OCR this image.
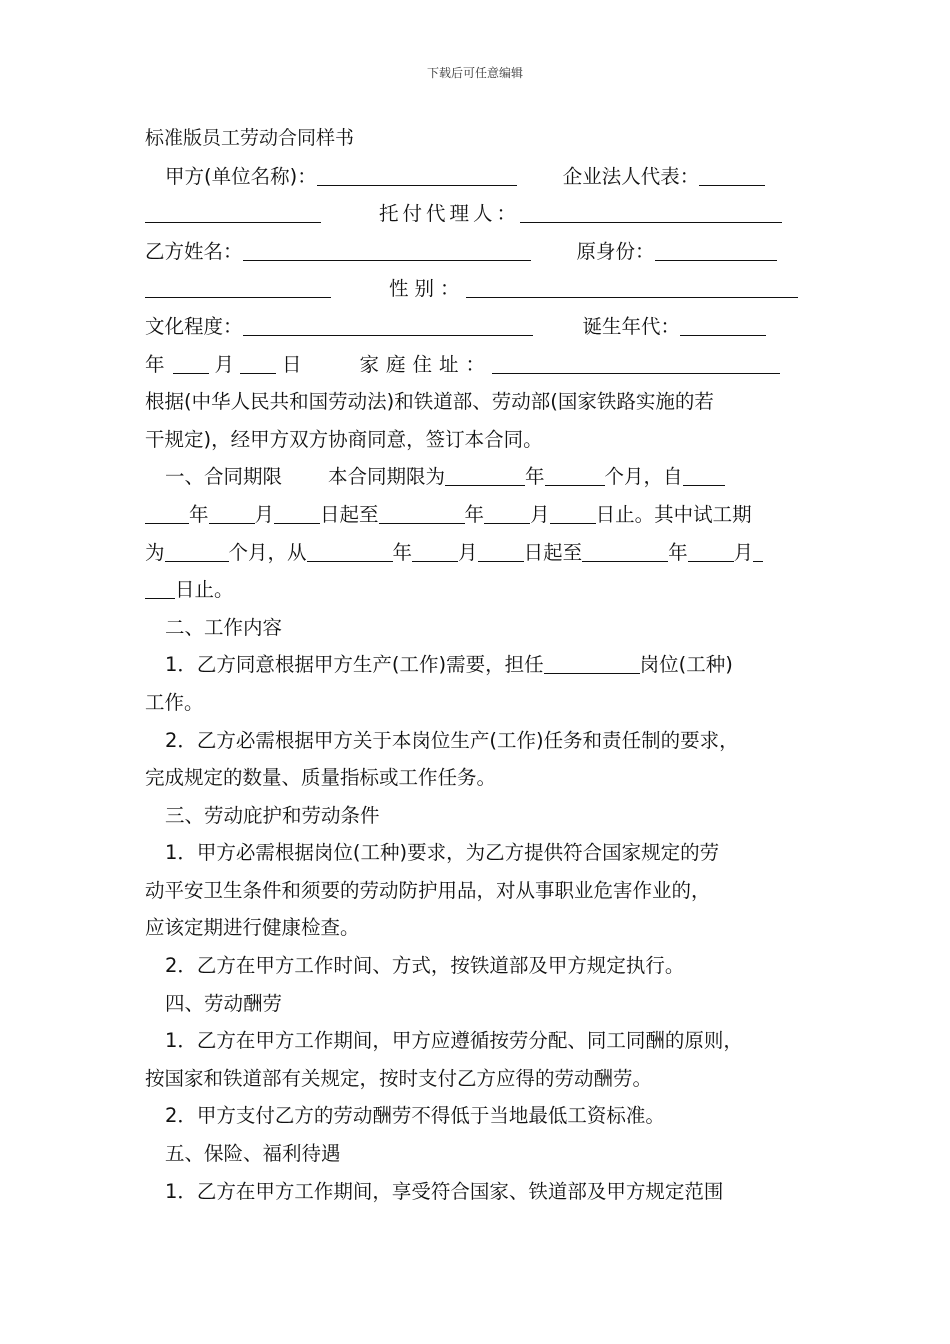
下载后可任意编辑
标准版员工劳动合同样书
甲方(单位名称)：	企业法人代表：
托付代理人：
乙方姓名：	原身份：
性别：
文化程度：	诞生年代：
年	月 日	家庭住址：
根据(中华人民共和国劳动法)和铁道部、劳动部(国家铁路实施的若
干规定)，经甲方双方协商同意，签订本合同。
一、合同期限 本合同期限为	年	个月，自
年 月 日起至	年 月 日止。其中试工期
为	个月，从	年 月 日起至	年 月
日止。
二、工作内容
1．乙方同意根据甲方生产(工作)需要，担任	岗位(工种)
工作。
2．乙方必需根据甲方关于本岗位生产(工作)任务和责任制的要求，
完成规定的数量、质量指标或工作任务。
三、劳动庇护和劳动条件
1．甲方必需根据岗位(工种)要求，为乙方提供符合国家规定的劳
动平安卫生条件和须要的劳动防护用品，对从事职业危害作业的，
应该定期进行健康检查。
2．乙方在甲方工作时间、方式，按铁道部及甲方规定执行。
四、劳动酬劳
1．乙方在甲方工作期间，甲方应遵循按劳分配、同工同酬的原则，
按国家和铁道部有关规定，按时支付乙方应得的劳动酬劳。
2．甲方支付乙方的劳动酬劳不得低于当地最低工资标准。
五、保险、福利待遇
1．乙方在甲方工作期间，享受符合国家、铁道部及甲方规定范围
